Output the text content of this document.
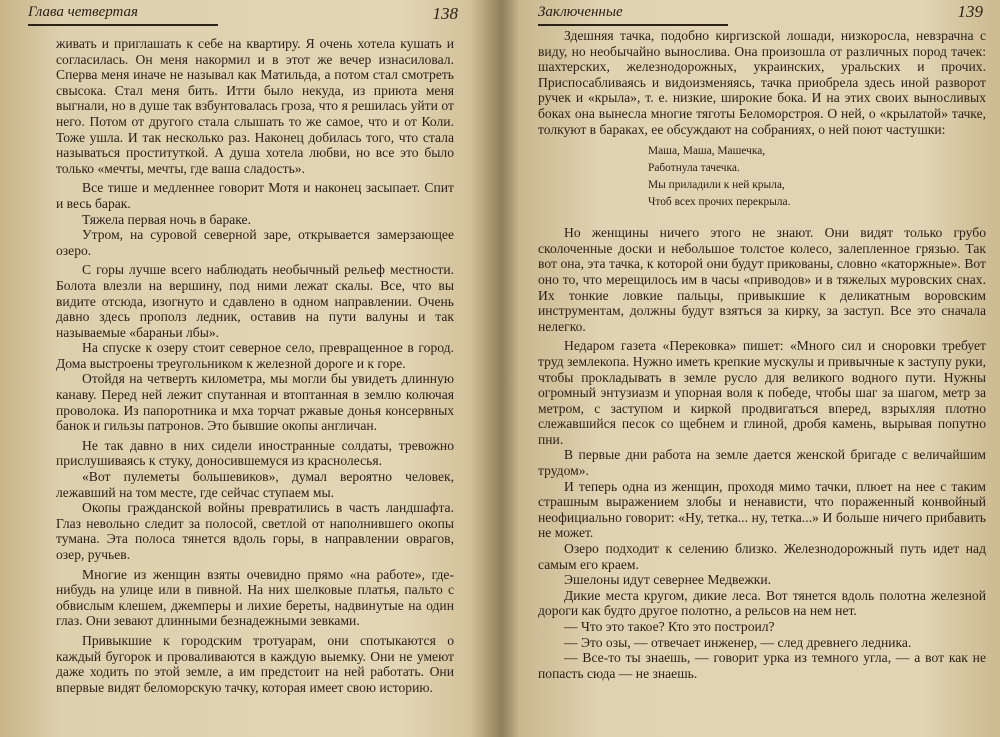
Глава четвертая	138

живать и приглашать к себе на квартиру. Я очень хотела кушать и согласилась. Он меня накормил и в этот же вечер изнасиловал. Сперва меня иначе не называл как Матильда, а потом стал смотреть свысока. Стал меня бить. Итти было некуда, из приюта меня выгнали, но в душе так взбунтовалась гроза, что я решилась уйти от него. Потом от другого стала слышать то же самое, что и от Коли. Тоже ушла. И так несколько раз. Наконец добилась того, что стала называться проституткой. А душа хотела любви, но все это было только «мечты, мечты, где ваша сладость».

Все тише и медленнее говорит Мотя и наконец засыпает. Спит и весь барак.

Тяжела первая ночь в бараке.

Утром, на суровой северной заре, открывается замерзающее озеро.

С горы лучше всего наблюдать необычный рельеф местности. Болота влезли на вершину, под ними лежат скалы. Все, что вы видите отсюда, изогнуто и сдавлено в одном направлении. Очень давно здесь прополз ледник, оставив на пути валуны и так называемые «бараньи лбы».

На спуске к озеру стоит северное село, превращенное в город. Дома выстроены треугольником к железной дороге и к горе.

Отойдя на четверть километра, мы могли бы увидеть длинную канаву. Перед ней лежит спутанная и втоптанная в землю колючая проволока. Из папоротника и мха торчат ржавые донья консервных банок и гильзы патронов. Это бывшие окопы англичан.

Не так давно в них сидели иностранные солдаты, тревожно прислушиваясь к стуку, доносившемуся из краснолесья.

«Вот пулеметы большевиков», думал вероятно человек, лежавший на том месте, где сейчас ступаем мы.

Окопы гражданской войны превратились в часть ландшафта. Глаз невольно следит за полосой, светлой от наполнившего окопы тумана. Эта полоса тянется вдоль горы, в направлении оврагов, озер, ручьев.

Многие из женщин взяты очевидно прямо «на работе», где-нибудь на улице или в пивной. На них шелковые платья, пальто с обвислым клешем, джемперы и лихие береты, надвинутые на один глаз. Они зевают длинными безнадежными зевками.

Привыкшие к городским тротуарам, они спотыкаются о каждый бугорок и проваливаются в каждую выемку. Они не умеют даже ходить по этой земле, а им предстоит на ней работать. Они впервые видят беломорскую тачку, которая имеет свою историю.

Заключенные	139

Здешняя тачка, подобно киргизской лошади, низкоросла, невзрачна с виду, но необычайно вынослива. Она произошла от различных пород тачек: шахтерских, железнодорожных, украинских, уральских и прочих. Приспосабливаясь и видоизменяясь, тачка приобрела здесь иной разворот ручек и «крыла», т. е. низкие, широкие бока. И на этих своих выносливых боках она вынесла многие тяготы Беломорстроя. О ней, о «крылатой» тачке, толкуют в бараках, ее обсуждают на собраниях, о ней поют частушки:

Маша, Маша, Машечка,
Работнула тачечка.
Мы приладили к ней крыла,
Чтоб всех прочих перекрыла.

Но женщины ничего этого не знают. Они видят только грубо сколоченные доски и небольшое толстое колесо, залепленное грязью. Так вот она, эта тачка, к которой они будут прикованы, словно «каторжные». Вот оно то, что мерещилось им в часы «приводов» и в тяжелых муровских снах. Их тонкие ловкие пальцы, привыкшие к деликатным воровским инструментам, должны будут взяться за кирку, за заступ. Все это сначала нелегко.

Недаром газета «Перековка» пишет: «Много сил и сноровки требует труд землекопа. Нужно иметь крепкие мускулы и привычные к заступу руки, чтобы прокладывать в земле русло для великого водного пути. Нужны огромный энтузиазм и упорная воля к победе, чтобы шаг за шагом, метр за метром, с заступом и киркой продвигаться вперед, взрыхляя плотно слежавшийся песок со щебнем и глиной, дробя камень, вырывая попутно пни.

В первые дни работа на земле дается женской бригаде с величайшим трудом».

И теперь одна из женщин, проходя мимо тачки, плюет на нее с таким страшным выражением злобы и ненависти, что пораженный конвойный неофициально говорит: «Ну, тетка... ну, тетка...» И больше ничего прибавить не может.

Озеро подходит к селению близко. Железнодорожный путь идет над самым его краем.

Эшелоны идут севернее Медвежки.

Дикие места кругом, дикие леса. Вот тянется вдоль полотна железной дороги как будто другое полотно, а рельсов на нем нет.

— Что это такое? Кто это построил?

— Это озы, — отвечает инженер, — след древнего ледника.

— Все-то ты знаешь, — говорит урка из темного угла, — а вот как не попасть сюда — не знаешь.
